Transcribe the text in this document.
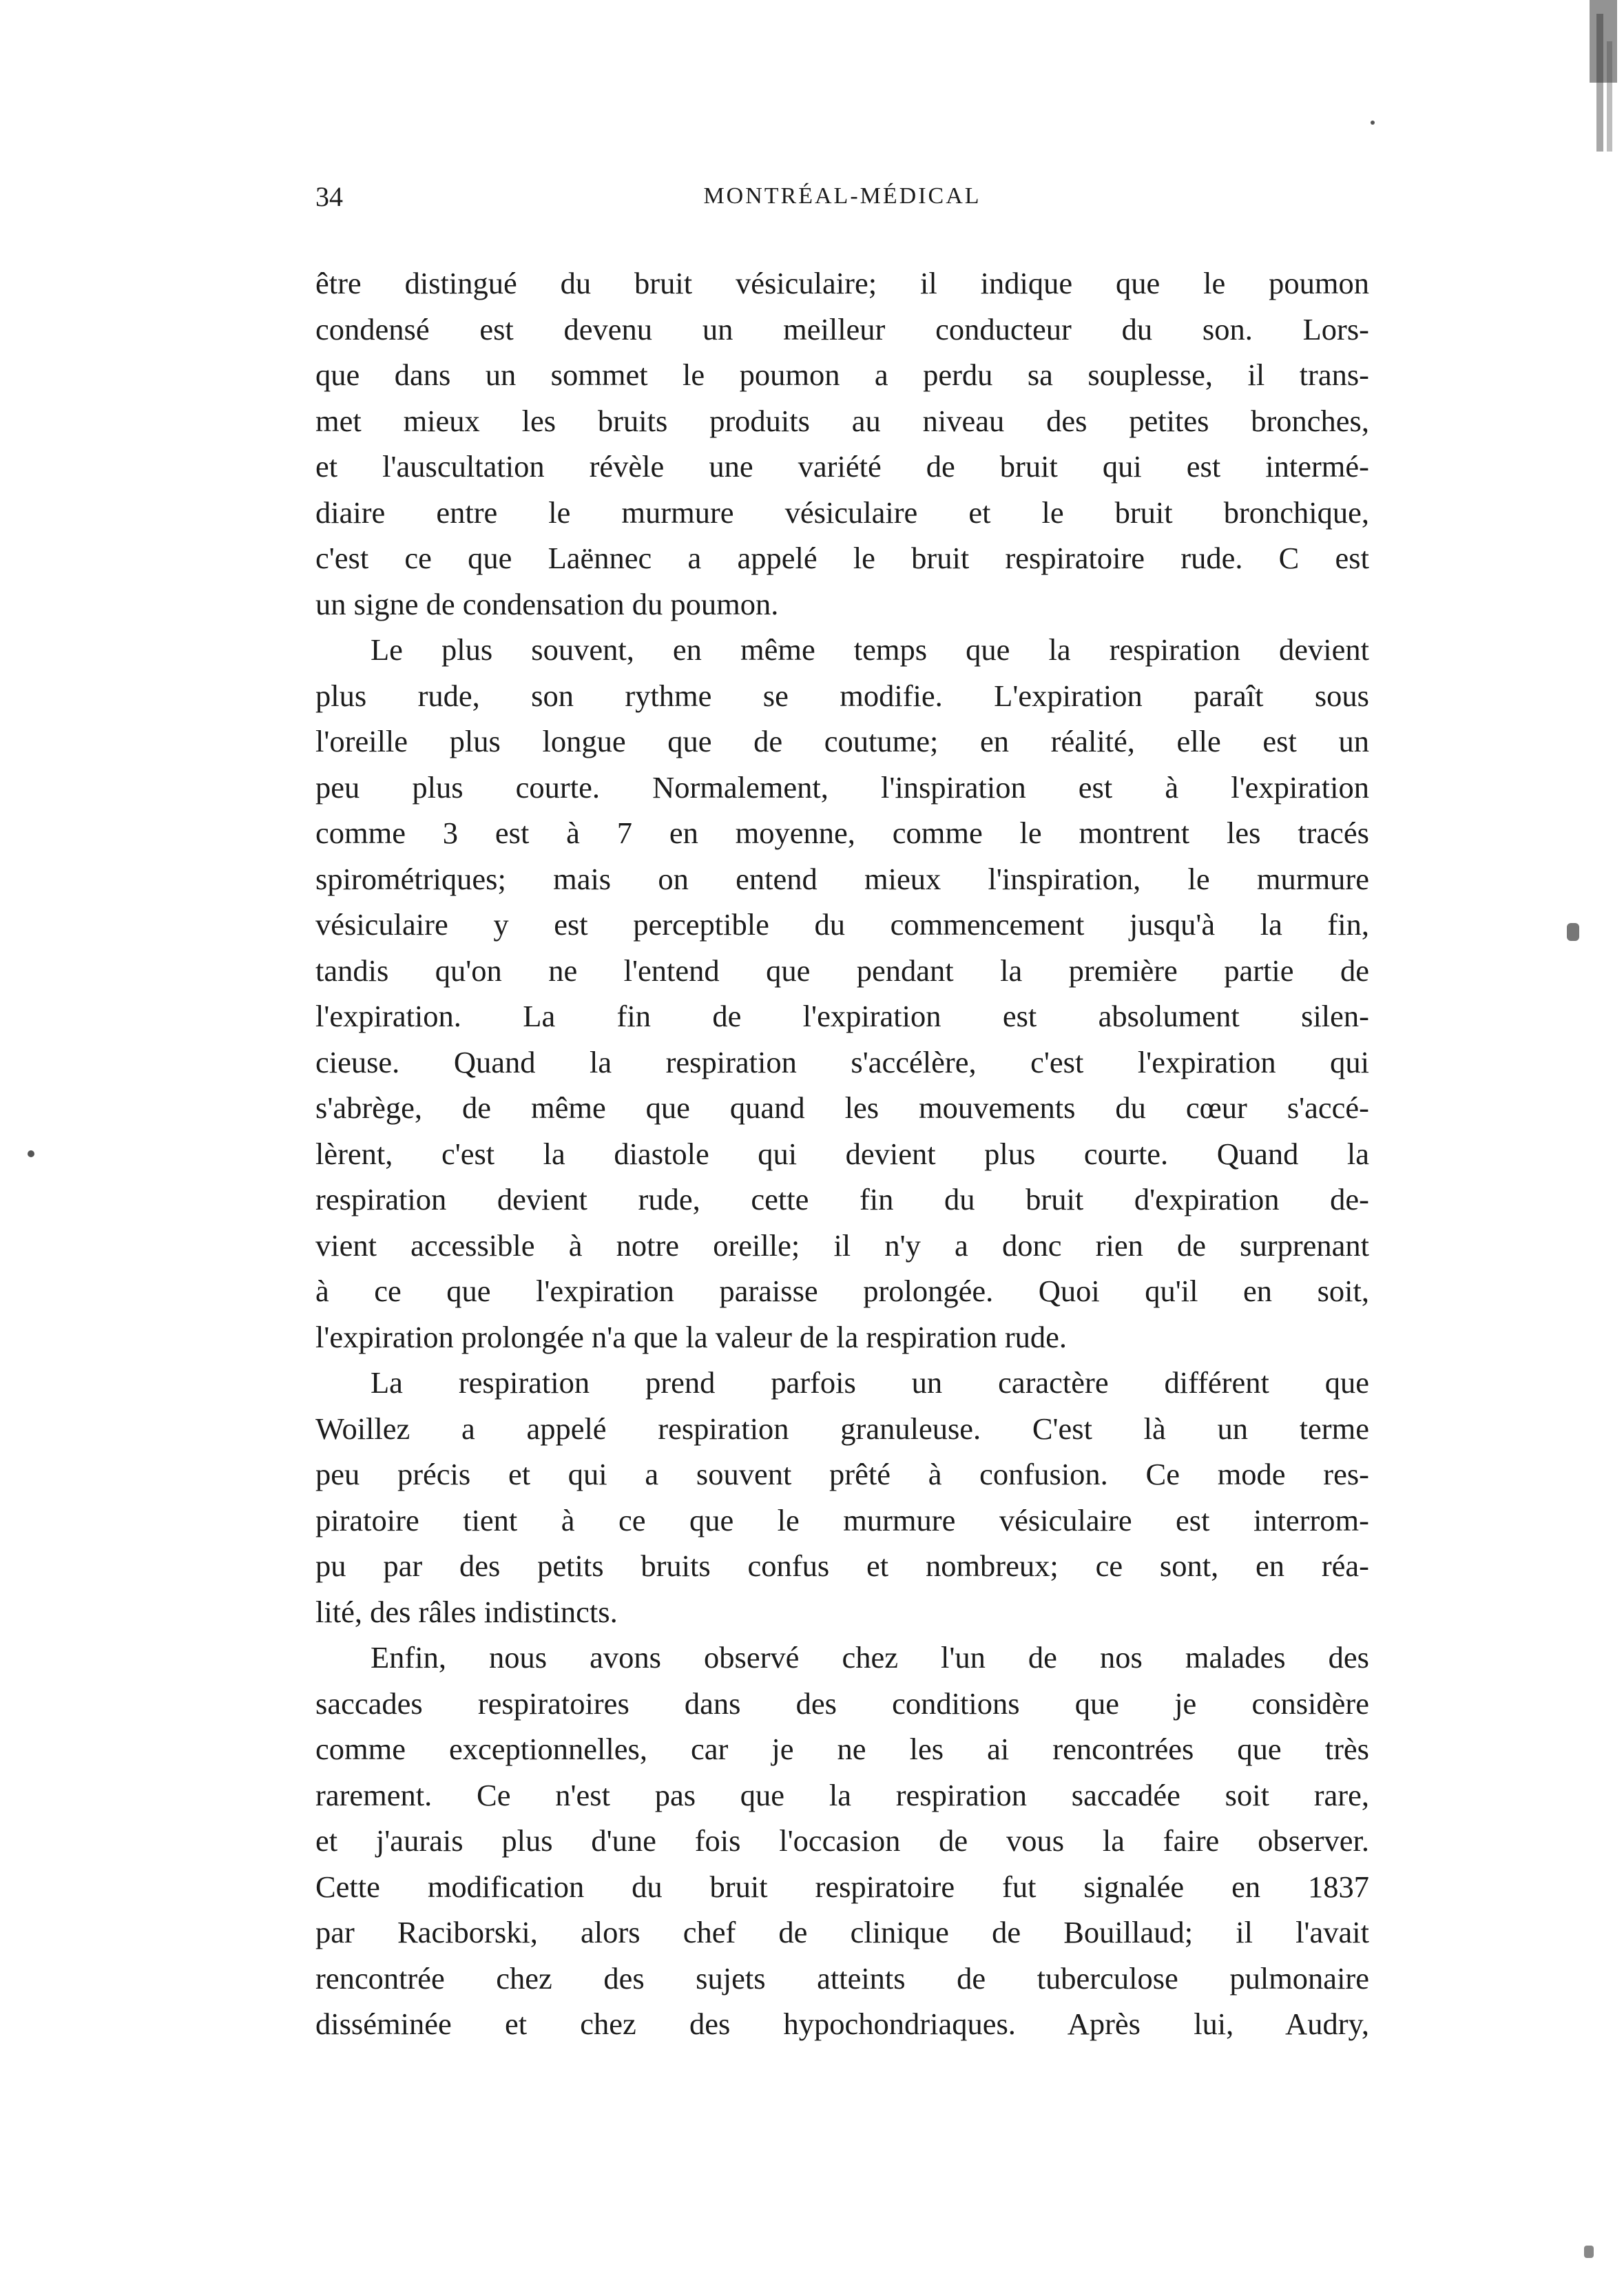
34	MONTRÉAL-MÉDICAL
être distingué du bruit vésiculaire; il indique que le poumon
condensé est devenu un meilleur conducteur du son. Lors-
que dans un sommet le poumon a perdu sa souplesse, il trans-
met mieux les bruits produits au niveau des petites bronches,
et l'auscultation révèle une variété de bruit qui est intermé-
diaire entre le murmure vésiculaire et le bruit bronchique,
c'est ce que Laënnec a appelé le bruit respiratoire rude. C est
un signe de condensation du poumon.
Le plus souvent, en même temps que la respiration devient
plus rude, son rythme se modifie. L'expiration paraît sous
l'oreille plus longue que de coutume; en réalité, elle est un
peu plus courte. Normalement, l'inspiration est à l'expiration
comme 3 est à 7 en moyenne, comme le montrent les tracés
spirométriques; mais on entend mieux l'inspiration, le murmure
vésiculaire y est perceptible du commencement jusqu'à la fin,
tandis qu'on ne l'entend que pendant la première partie de
l'expiration. La fin de l'expiration est absolument silen-
cieuse. Quand la respiration s'accélère, c'est l'expiration qui
s'abrège, de même que quand les mouvements du cœur s'accé-
lèrent, c'est la diastole qui devient plus courte. Quand la
respiration devient rude, cette fin du bruit d'expiration de-
vient accessible à notre oreille; il n'y a donc rien de surprenant
à ce que l'expiration paraisse prolongée. Quoi qu'il en soit,
l'expiration prolongée n'a que la valeur de la respiration rude.
La respiration prend parfois un caractère différent que
Woillez a appelé respiration granuleuse. C'est là un terme
peu précis et qui a souvent prêté à confusion. Ce mode res-
piratoire tient à ce que le murmure vésiculaire est interrom-
pu par des petits bruits confus et nombreux; ce sont, en réa-
lité, des râles indistincts.
Enfin, nous avons observé chez l'un de nos malades des
saccades respiratoires dans des conditions que je considère
comme exceptionnelles, car je ne les ai rencontrées que très
rarement. Ce n'est pas que la respiration saccadée soit rare,
et j'aurais plus d'une fois l'occasion de vous la faire observer.
Cette modification du bruit respiratoire fut signalée en 1837
par Raciborski, alors chef de clinique de Bouillaud; il l'avait
rencontrée chez des sujets atteints de tuberculose pulmonaire
disséminée et chez des hypochondriaques. Après lui, Audry,
